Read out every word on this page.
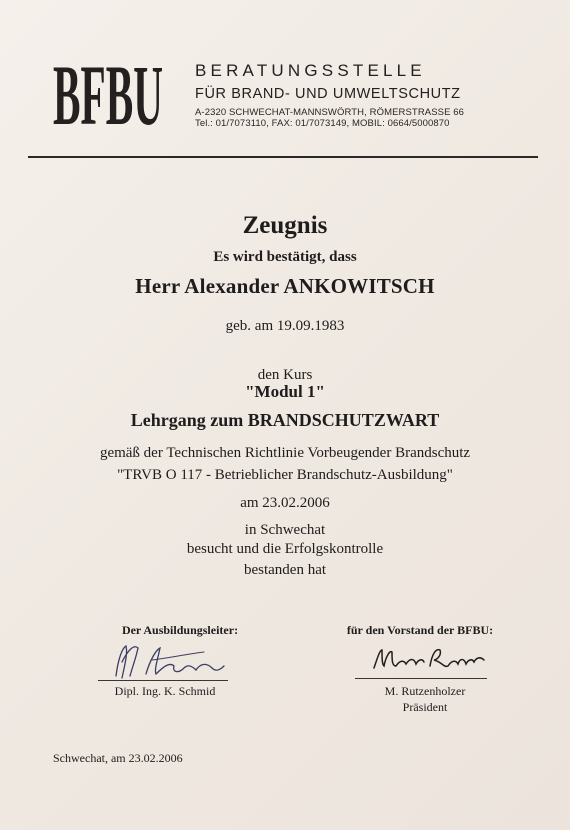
BFBU BERATUNGSSTELLE
FÜR BRAND- UND UMWELTSCHUTZ
A-2320 SCHWECHAT-MANNSWÖRTH, RÖMERSTRASSE 66
Tel.: 01/7073110, FAX: 01/7073149, MOBIL: 0664/5000870
Zeugnis
Es wird bestätigt, dass
Herr Alexander ANKOWITSCH
geb. am 19.09.1983
den Kurs
"Modul 1"
Lehrgang zum BRANDSCHUTZWART
gemäß der Technischen Richtlinie Vorbeugender Brandschutz
"TRVB O 117 - Betrieblicher Brandschutz-Ausbildung"
am 23.02.2006
in Schwechat
besucht und die Erfolgskontrolle
bestanden hat
Der Ausbildungsleiter:
Dipl. Ing. K. Schmid
für den Vorstand der BFBU:
M. Rutzenholzer
Präsident
Schwechat, am 23.02.2006
